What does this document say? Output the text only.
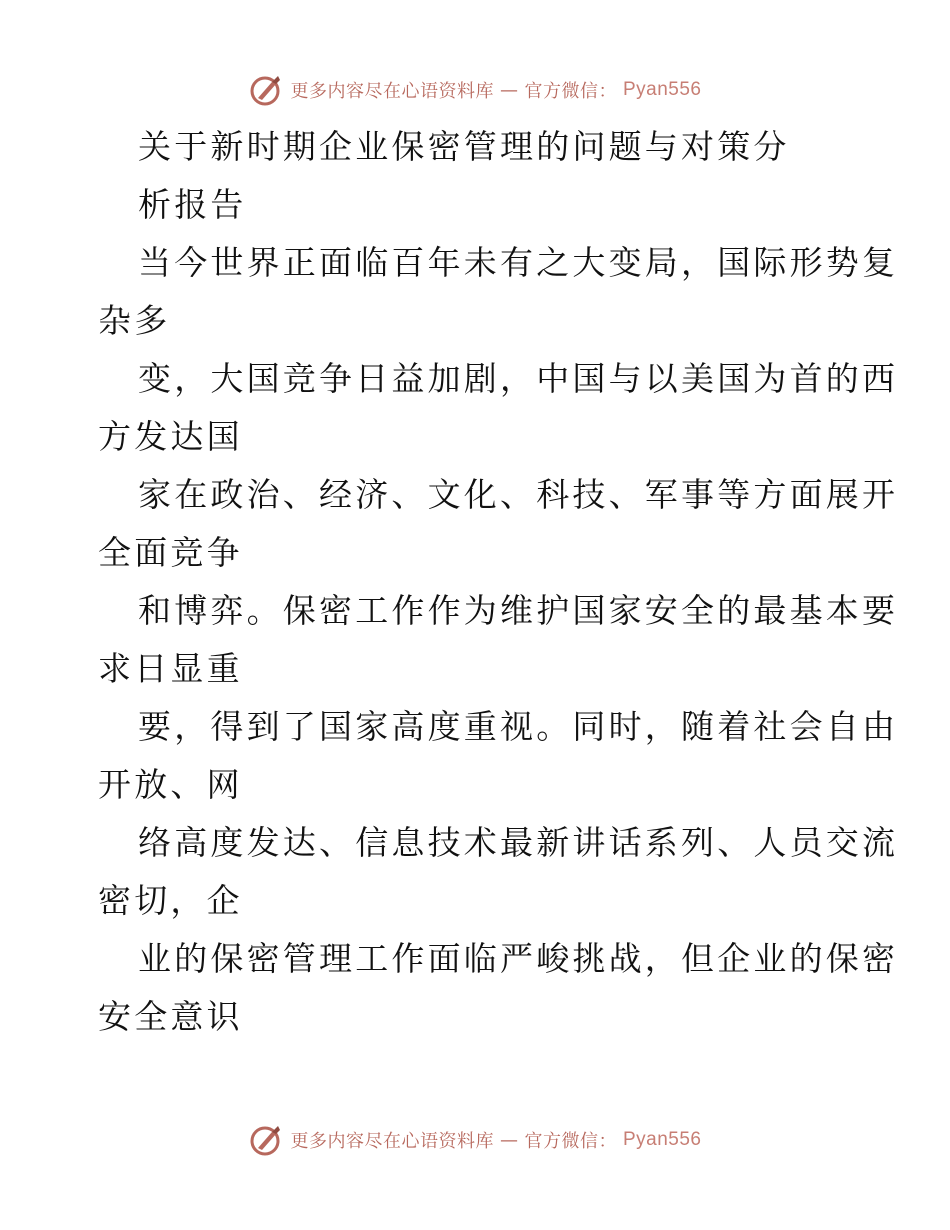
更多内容尽在心语资料库 — 官方微信： Pyan556
关于新时期企业保密管理的问题与对策分
析报告
当今世界正面临百年未有之大变局，国际形势复
杂多
变，大国竞争日益加剧，中国与以美国为首的西
方发达国
家在政治、经济、文化、科技、军事等方面展开
全面竞争
和博弈。保密工作作为维护国家安全的最基本要
求日显重
要，得到了国家高度重视。同时，随着社会自由
开放、网
络高度发达、信息技术最新讲话系列、人员交流
密切，企
业的保密管理工作面临严峻挑战，但企业的保密
安全意识
更多内容尽在心语资料库 — 官方微信： Pyan556
